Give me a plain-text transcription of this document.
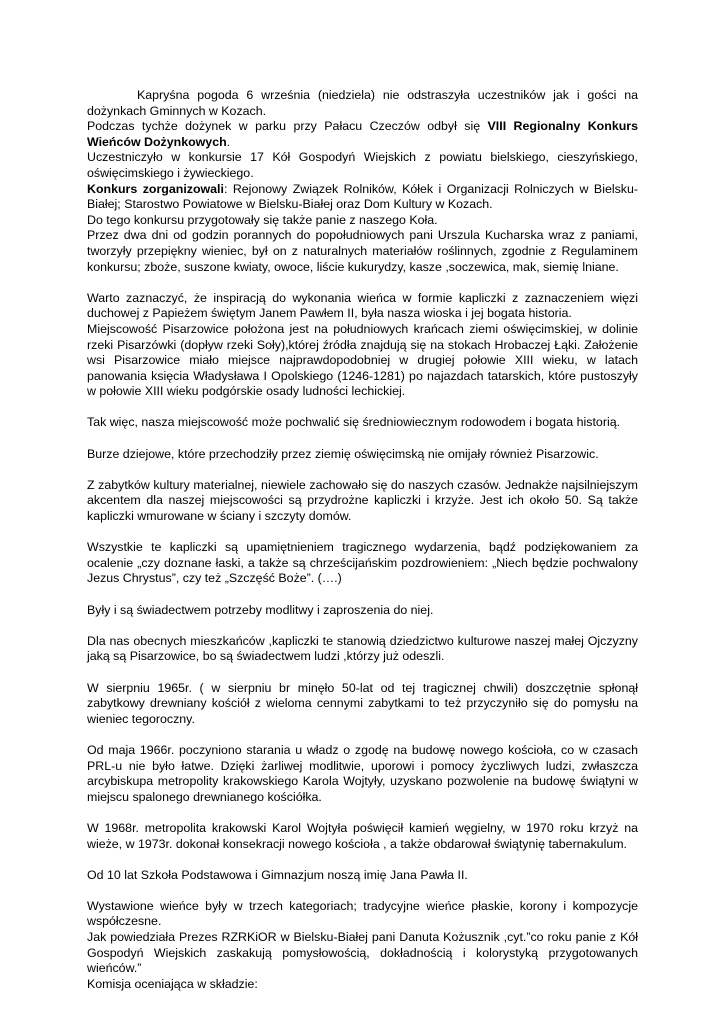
Kapryśna pogoda 6 września (niedziela) nie odstraszyła uczestników jak i gości na dożynkach Gminnych w Kozach.

Podczas tychże dożynek w parku przy Pałacu Czeczów odbył się VIII Regionalny Konkurs Wieńców Dożynkowych.

Uczestniczyło w konkursie 17 Kół Gospodyń Wiejskich z powiatu bielskiego, cieszyńskiego, oświęcimskiego i żywieckiego.

Konkurs zorganizowali: Rejonowy Związek Rolników, Kółek i Organizacji Rolniczych w Bielsku-Białej; Starostwo Powiatowe w Bielsku-Białej oraz Dom Kultury w Kozach.

Do tego konkursu przygotowały się także panie z naszego Koła.

Przez dwa dni od godzin porannych do popołudniowych pani Urszula Kucharska wraz z paniami, tworzyły przepiękny wieniec, był on z naturalnych materiałów roślinnych, zgodnie z Regulaminem konkursu; zboże, suszone kwiaty, owoce, liście kukurydzy, kasze ,soczewica, mak, siemię lniane.

Warto zaznaczyć, że inspiracją do wykonania wieńca w formie kapliczki z zaznaczeniem więzi duchowej z Papieżem świętym Janem Pawłem II, była nasza wioska i jej bogata historia.

Miejscowość Pisarzowice położona jest na południowych krańcach ziemi oświęcimskiej, w dolinie rzeki Pisarzówki (dopływ rzeki Soły),której źródła znajdują się na stokach Hrobaczej Łąki. Założenie wsi Pisarzowice miało miejsce najprawdopodobniej w drugiej połowie XIII wieku, w latach panowania księcia Władysława I Opolskiego (1246-1281) po najazdach tatarskich, które pustoszyły w połowie XIII wieku podgórskie osady ludności lechickiej.

Tak więc, nasza miejscowość może pochwalić się średniowiecznym rodowodem i bogata historią.

Burze dziejowe, które przechodziły przez ziemię oświęcimską nie omijały również Pisarzowic.

Z zabytków kultury materialnej, niewiele zachowało się do naszych czasów. Jednakże najsilniejszym akcentem dla naszej miejscowości są przydrożne kapliczki i krzyże. Jest ich około 50. Są także kapliczki wmurowane w ściany i szczyty domów.

Wszystkie te kapliczki są upamiętnieniem tragicznego wydarzenia, bądź podziękowaniem za ocalenie „czy doznane łaski, a także są chrześcijańskim pozdrowieniem: „Niech będzie pochwalony Jezus Chrystus”, czy też „Szczęść Boże”. (….)

Były i są świadectwem potrzeby modlitwy i zaproszenia do niej.

Dla nas obecnych mieszkańców ,kapliczki te stanowią dziedzictwo kulturowe naszej małej Ojczyzny jaką są Pisarzowice, bo są świadectwem ludzi ,którzy już odeszli.

W sierpniu 1965r. ( w sierpniu br minęło 50-lat od tej tragicznej chwili) doszczętnie spłonął zabytkowy drewniany kościół z wieloma cennymi zabytkami to też przyczyniło się do pomysłu na wieniec tegoroczny.

Od maja 1966r. poczyniono starania u władz o zgodę na budowę nowego kościoła, co w czasach PRL-u nie było łatwe. Dzięki żarliwej modlitwie, uporowi i pomocy życzliwych ludzi, zwłaszcza arcybiskupa metropolity krakowskiego Karola Wojtyły, uzyskano pozwolenie na budowę świątyni w miejscu spalonego drewnianego kościółka.

W 1968r. metropolita krakowski Karol Wojtyła poświęcił kamień węgielny, w 1970 roku krzyż na wieże, w 1973r. dokonał konsekracji nowego kościoła , a także obdarował świątynię tabernakulum.

Od 10 lat Szkoła Podstawowa i Gimnazjum noszą imię Jana Pawła II.

Wystawione wieńce były w trzech kategoriach; tradycyjne wieńce płaskie, korony i kompozycje współczesne.

Jak powiedziała Prezes RZRKiOR w Bielsku-Białej pani Danuta Kożusznik ,cyt.”co roku panie z Kół Gospodyń Wiejskich zaskakują pomysłowością, dokładnością i kolorystyką przygotowanych wieńców.”

Komisja oceniająca w składzie:
